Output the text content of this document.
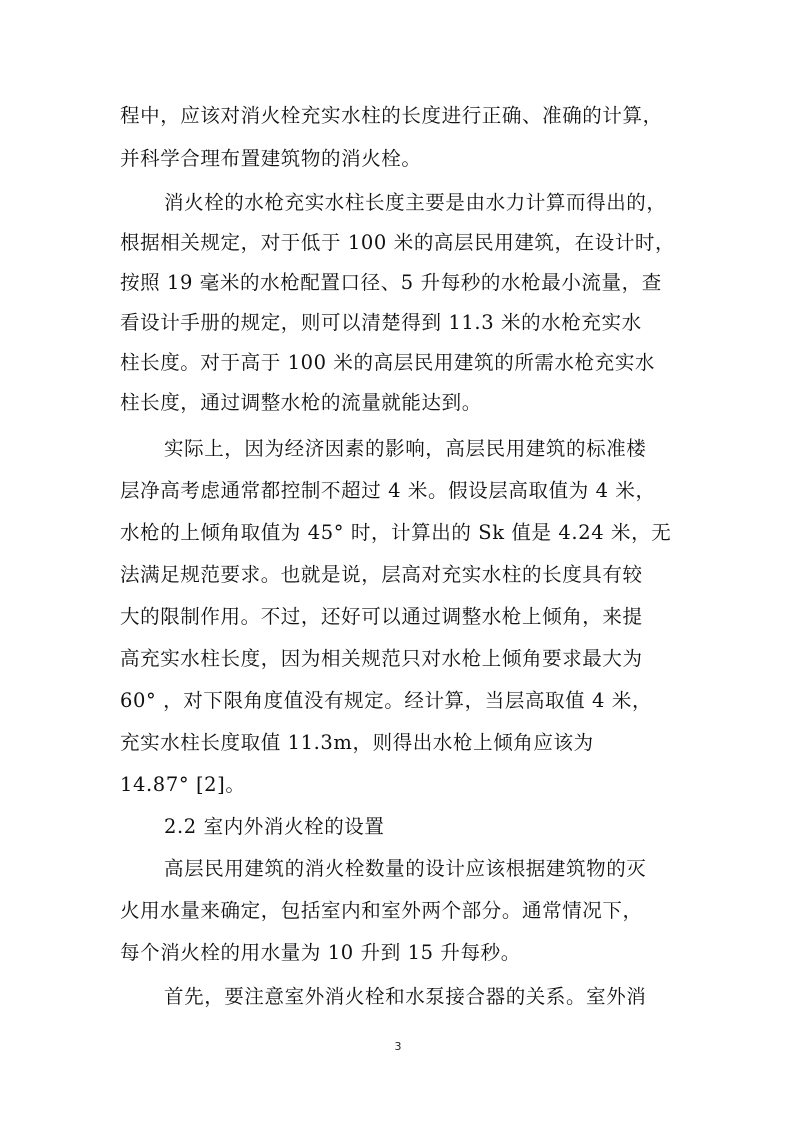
程中，应该对消火栓充实水柱的长度进行正确、准确的计算，
并科学合理布置建筑物的消火栓。
消火栓的水枪充实水柱长度主要是由水力计算而得出的，
根据相关规定，对于低于 100 米的高层民用建筑，在设计时，
按照 19 毫米的水枪配置口径、5 升每秒的水枪最小流量，查
看设计手册的规定，则可以清楚得到 11.3 米的水枪充实水
柱长度。对于高于 100 米的高层民用建筑的所需水枪充实水
柱长度，通过调整水枪的流量就能达到。
实际上，因为经济因素的影响，高层民用建筑的标准楼
层净高考虑通常都控制不超过 4 米。假设层高取值为 4 米，
水枪的上倾角取值为 45° 时，计算出的 Sk 值是 4.24 米，无
法满足规范要求。也就是说，层高对充实水柱的长度具有较
大的限制作用。不过，还好可以通过调整水枪上倾角，来提
高充实水柱长度，因为相关规范只对水枪上倾角要求最大为
60° ，对下限角度值没有规定。经计算，当层高取值 4 米，
充实水柱长度取值 11.3m，则得出水枪上倾角应该为
14.87° [2]。
2.2 室内外消火栓的设置
高层民用建筑的消火栓数量的设计应该根据建筑物的灭
火用水量来确定，包括室内和室外两个部分。通常情况下，
每个消火栓的用水量为 10 升到 15 升每秒。
首先，要注意室外消火栓和水泵接合器的关系。室外消
3
